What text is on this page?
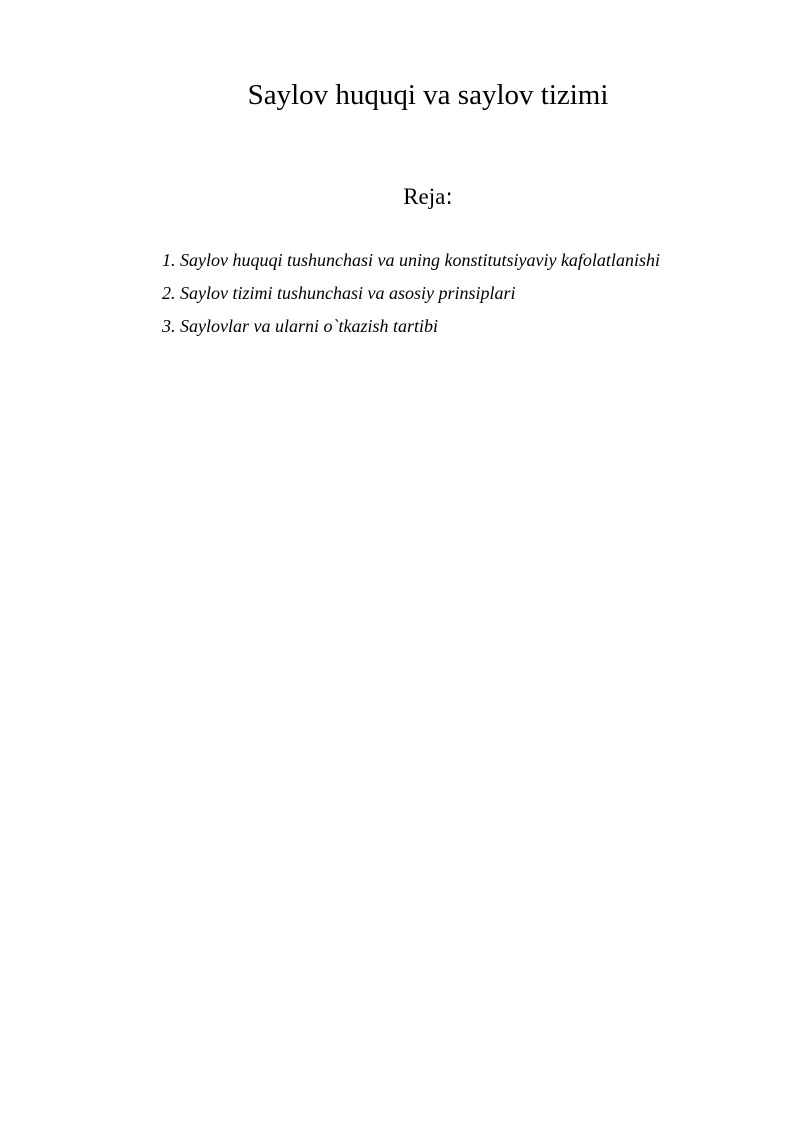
Saylov huquqi va saylov tizimi
Reja:
1. Saylov huquqi tushunchasi va uning konstitutsiyaviy kafolatlanishi
2. Saylov tizimi tushunchasi va asosiy prinsiplari
3. Saylovlar va ularni o`tkazish tartibi
